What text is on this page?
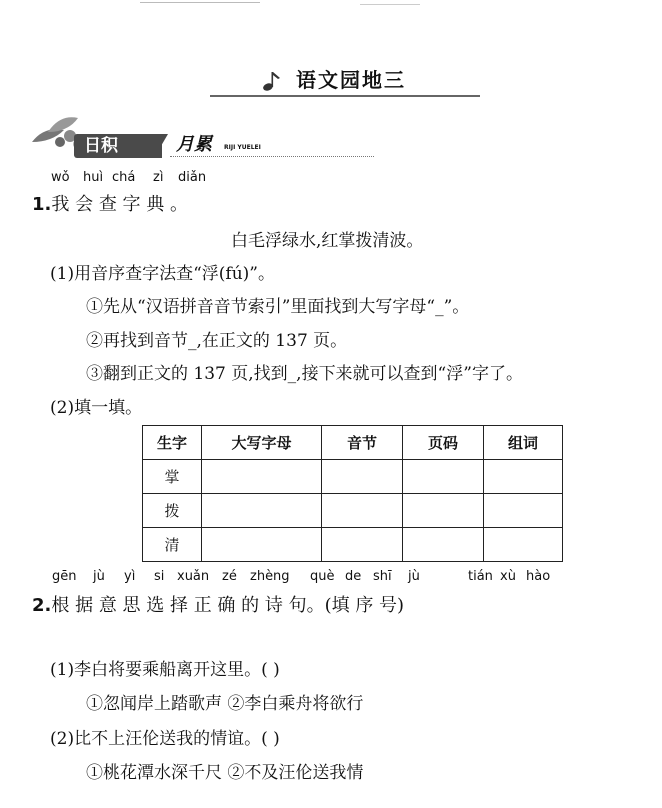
语文园地三
日积	月累 RIJI YUELEI
wǒ huì chá zì diǎn
1.我 会 查 字 典 。
白毛浮绿水,红掌拨清波。
(1)用音序查字法查“浮(fú)”。
①先从“汉语拼音音节索引”里面找到大写字母“_”。
②再找到音节_,在正文的 137 页。
③翻到正文的 137 页,找到_,接下来就可以查到“浮”字了。
(2)填一填。
生字	大写字母	音节	页码	组词
掌				
拨				
清				
gēn jù yì si xuǎn zé zhèng què de shī jù	tián xù hào
2.根 据 意 思 选 择 正 确 的 诗 句。(填 序 号)
(1)李白将要乘船离开这里。( )
①忽闻岸上踏歌声 ②李白乘舟将欲行
(2)比不上汪伦送我的情谊。( )
①桃花潭水深千尺 ②不及汪伦送我情
